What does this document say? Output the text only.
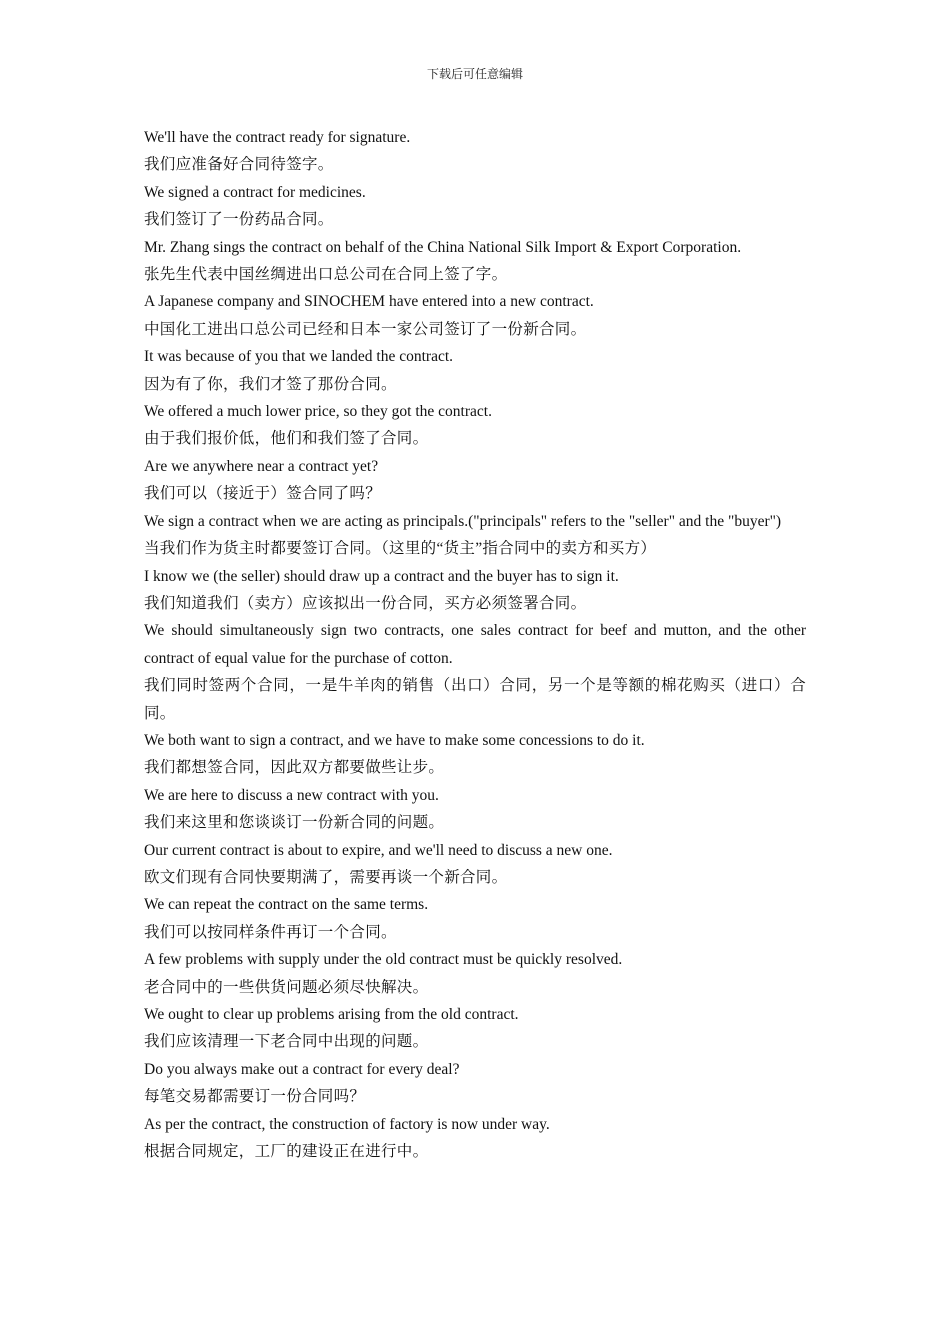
下载后可任意编辑

We'll have the contract ready for signature.

我们应准备好合同待签字。

We signed a contract for medicines.

我们签订了一份药品合同。

Mr. Zhang sings the contract on behalf of the China National Silk Import & Export Corporation.

张先生代表中国丝绸进出口总公司在合同上签了字。

A Japanese company and SINOCHEM have entered into a new contract.

中国化工进出口总公司已经和日本一家公司签订了一份新合同。

It was because of you that we landed the contract.

因为有了你，我们才签了那份合同。

We offered a much lower price, so they got the contract.

由于我们报价低，他们和我们签了合同。

Are we anywhere near a contract yet?

我们可以（接近于）签合同了吗？

We sign a contract when we are acting as principals.("principals" refers to the "seller" and the "buyer")

当我们作为货主时都要签订合同。（这里的“货主”指合同中的卖方和买方）

I know we (the seller) should draw up a contract and the buyer has to sign it.

我们知道我们（卖方）应该拟出一份合同，买方必须签署合同。

We should simultaneously sign two contracts, one sales contract for beef and mutton, and the other contract of equal value for the purchase of cotton.

我们同时签两个合同，一是牛羊肉的销售（出口）合同，另一个是等额的棉花购买（进口）合同。

We both want to sign a contract, and we have to make some concessions to do it.

我们都想签合同，因此双方都要做些让步。

We are here to discuss a new contract with you.

我们来这里和您谈谈订一份新合同的问题。

Our current contract is about to expire, and we'll need to discuss a new one.

欧文们现有合同快要期满了，需要再谈一个新合同。

We can repeat the contract on the same terms.

我们可以按同样条件再订一个合同。

A few problems with supply under the old contract must be quickly resolved.

老合同中的一些供货问题必须尽快解决。

We ought to clear up problems arising from the old contract.

我们应该清理一下老合同中出现的问题。

Do you always make out a contract for every deal?

每笔交易都需要订一份合同吗？

As per the contract, the construction of factory is now under way.

根据合同规定，工厂的建设正在进行中。
